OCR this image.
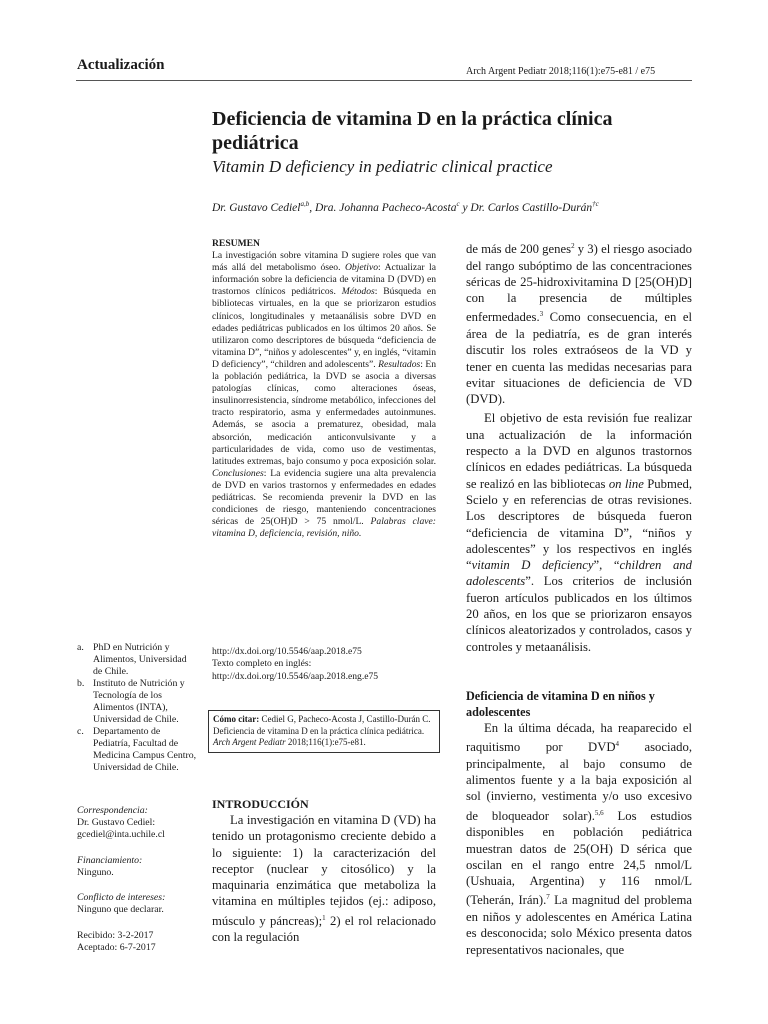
Actualización	Arch Argent Pediatr 2018;116(1):e75-e81 / e75
Deficiencia de vitamina D en la práctica clínica pediátrica
Vitamin D deficiency in pediatric clinical practice
Dr. Gustavo Cediel$^{a,b}$, Dra. Johanna Pacheco-Acosta$^c$ y Dr. Carlos Castillo-Durán$^{\dagger c}$
RESUMEN

La investigación sobre vitamina D sugiere roles que van más allá del metabolismo óseo. Objetivo: Actualizar la información sobre la deficiencia de vitamina D (DVD) en trastornos clínicos pediátricos. Métodos: Búsqueda en bibliotecas virtuales, en la que se priorizaron estudios clínicos, longitudinales y metaanálisis sobre DVD en edades pediátricas publicados en los últimos 20 años. Se utilizaron como descriptores de búsqueda “deficiencia de vitamina D”, “niños y adolescentes” y, en inglés, “vitamin D deficiency”, “children and adolescents”. Resultados: En la población pediátrica, la DVD se asocia a diversas patologías clínicas, como alteraciones óseas, insulinorresistencia, síndrome metabólico, infecciones del tracto respiratorio, asma y enfermedades autoinmunes. Además, se asocia a prematurez, obesidad, mala absorción, medicación anticonvulsivante y a particularidades de vida, como uso de vestimentas, latitudes extremas, bajo consumo y poca exposición solar. Conclusiones: La evidencia sugiere una alta prevalencia de DVD en varios trastornos y enfermedades en edades pediátricas. Se recomienda prevenir la DVD en las condiciones de riesgo, manteniendo concentraciones séricas de 25(OH)D > 75 nmol/L. Palabras clave: vitamina D, deficiencia, revisión, niño.

http://dx.doi.org/10.5546/aap.2018.e75
Texto completo en inglés:
http://dx.doi.org/10.5546/aap.2018.eng.e75
Cómo citar: Cediel G, Pacheco-Acosta J, Castillo-Durán C. Deficiencia de vitamina D en la práctica clínica pediátrica. Arch Argent Pediatr 2018;116(1):e75-e81.
a. PhD en Nutrición y Alimentos, Universidad de Chile.
b. Instituto de Nutrición y Tecnología de los Alimentos (INTA), Universidad de Chile.
c. Departamento de Pediatría, Facultad de Medicina Campus Centro, Universidad de Chile.
Correspondencia:
Dr. Gustavo Cediel:
gcediel@inta.uchile.cl
Financiamiento:
Ninguno.
Conflicto de intereses:
Ninguno que declarar.
Recibido: 3-2-2017
Aceptado: 6-7-2017
INTRODUCCIÓN

La investigación en vitamina D (VD) ha tenido un protagonismo creciente debido a lo siguiente: 1) la caracterización del receptor (nuclear y citosólico) y la maquinaria enzimática que metaboliza la vitamina en múltiples tejidos (ej.: adiposo, músculo y páncreas);$^1$ 2) el rol relacionado con la regulación

de más de 200 genes$^2$ y 3) el riesgo asociado del rango subóptimo de las concentraciones séricas de 25-hidroxivitamina D [25(OH)D] con la presencia de múltiples enfermedades.$^3$ Como consecuencia, en el área de la pediatría, es de gran interés discutir los roles extraóseos de la VD y tener en cuenta las medidas necesarias para evitar situaciones de deficiencia de VD (DVD).

El objetivo de esta revisión fue realizar una actualización de la información respecto a la DVD en algunos trastornos clínicos en edades pediátricas. La búsqueda se realizó en las bibliotecas on line Pubmed, Scielo y en referencias de otras revisiones. Los descriptores de búsqueda fueron “deficiencia de vitamina D”, “niños y adolescentes” y los respectivos en inglés “vitamin D deficiency”, “children and adolescents”. Los criterios de inclusión fueron artículos publicados en los últimos 20 años, en los que se priorizaron ensayos clínicos aleatorizados y controlados, casos y controles y metaanálisis.

Deficiencia de vitamina D en niños y adolescentes

En la última década, ha reaparecido el raquitismo por DVD$^4$ asociado, principalmente, al bajo consumo de alimentos fuente y a la baja exposición al sol (invierno, vestimenta y/o uso excesivo de bloqueador solar).$^{5,6}$ Los estudios disponibles en población pediátrica muestran datos de 25(OH) D sérica que oscilan en el rango entre 24,5 nmol/L (Ushuaia, Argentina) y 116 nmol/L (Teherán, Irán).$^7$ La magnitud del problema en niños y adolescentes en América Latina es desconocida; solo México presenta datos representativos nacionales, que
